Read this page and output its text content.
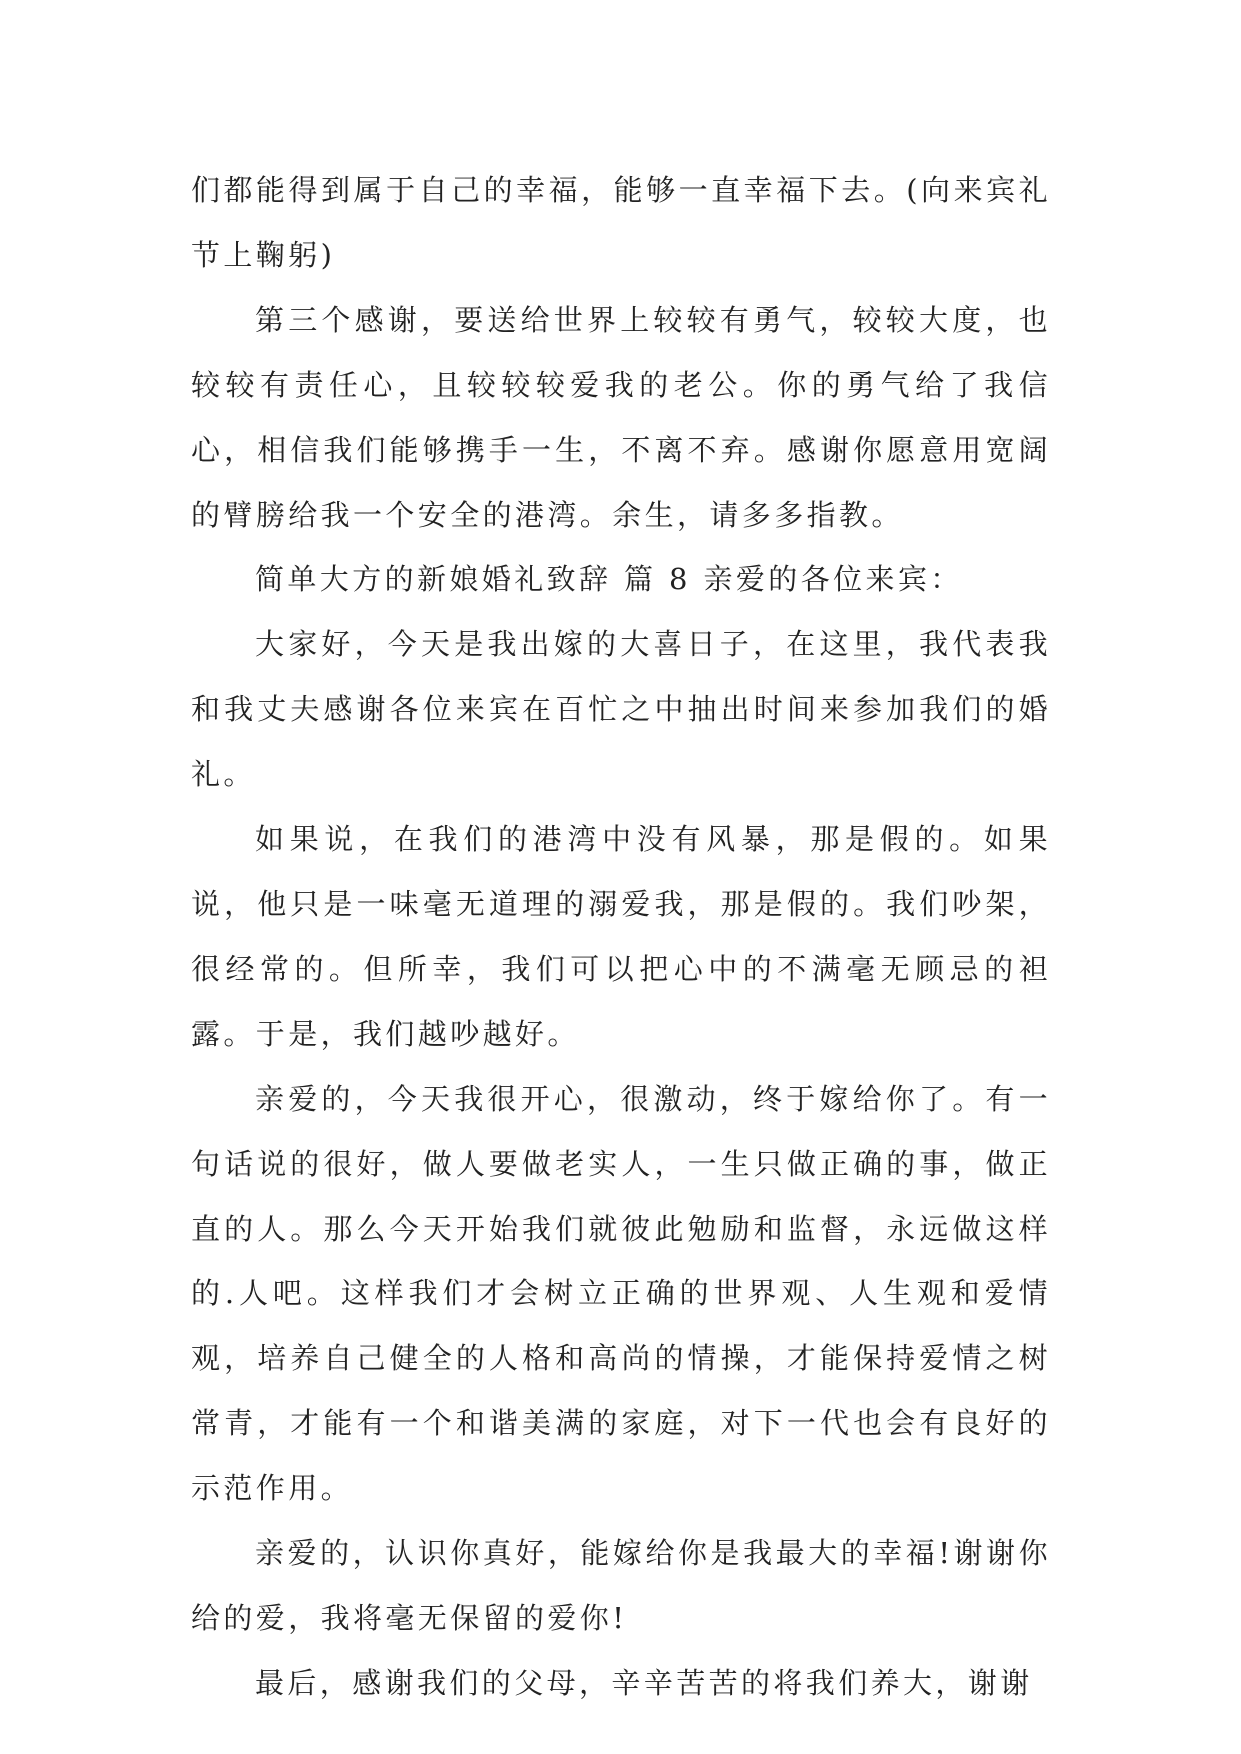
们都能得到属于自己的幸福，能够一直幸福下去。(向来宾礼节上鞠躬)

第三个感谢，要送给世界上较较有勇气，较较大度，也较较有责任心，且较较较爱我的老公。你的勇气给了我信心，相信我们能够携手一生，不离不弃。感谢你愿意用宽阔的臂膀给我一个安全的港湾。余生，请多多指教。

简单大方的新娘婚礼致辞 篇 8 亲爱的各位来宾：

大家好，今天是我出嫁的大喜日子，在这里，我代表我和我丈夫感谢各位来宾在百忙之中抽出时间来参加我们的婚礼。

如果说，在我们的港湾中没有风暴，那是假的。如果说，他只是一味毫无道理的溺爱我，那是假的。我们吵架，很经常的。但所幸，我们可以把心中的不满毫无顾忌的袒露。于是，我们越吵越好。

亲爱的，今天我很开心，很激动，终于嫁给你了。有一句话说的很好，做人要做老实人，一生只做正确的事，做正直的人。那么今天开始我们就彼此勉励和监督，永远做这样的.人吧。这样我们才会树立正确的世界观、人生观和爱情观，培养自己健全的人格和高尚的情操，才能保持爱情之树常青，才能有一个和谐美满的家庭，对下一代也会有良好的示范作用。

亲爱的，认识你真好，能嫁给你是我最大的幸福!谢谢你给的爱，我将毫无保留的爱你!

最后，感谢我们的父母，辛辛苦苦的将我们养大，谢谢
